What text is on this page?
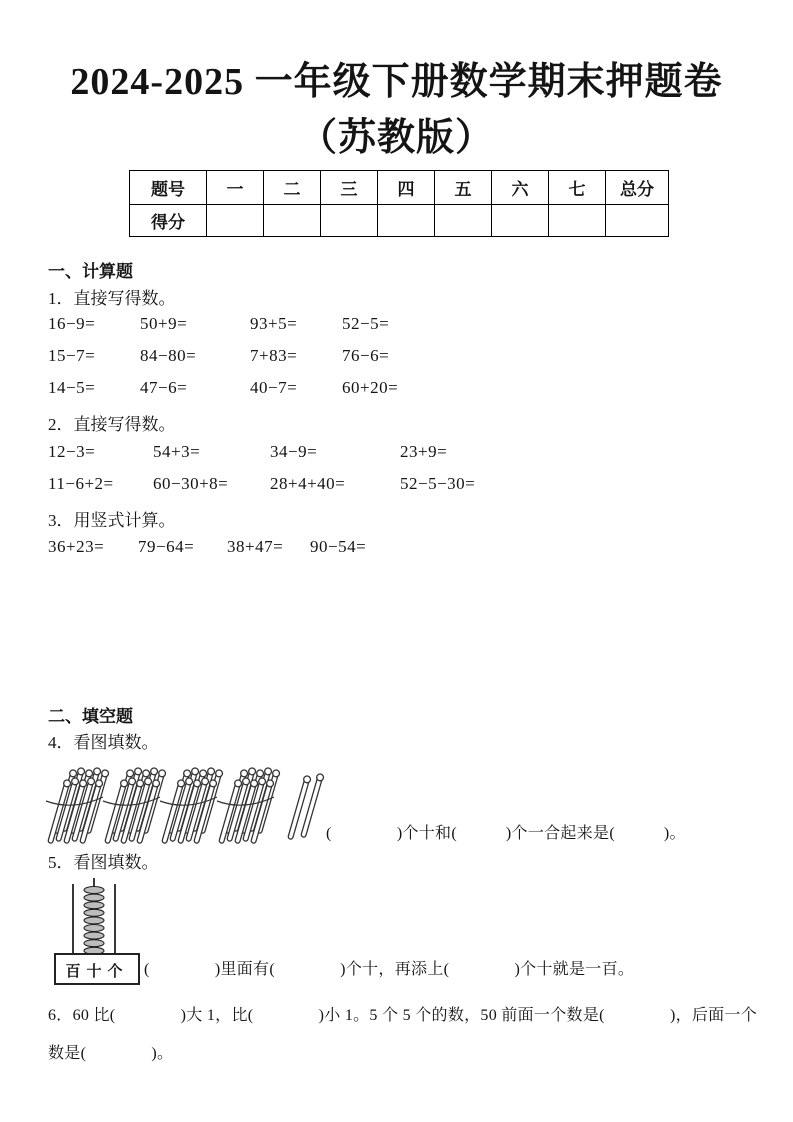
2024-2025 一年级下册数学期末押题卷
（苏教版）
题号	一	二	三	四	五	六	七	总分
得分								
一、计算题
1．直接写得数。
16−9=	50+9=	93+5=	52−5=
15−7=	84−80=	7+83=	76−6=
14−5=	47−6=	40−7=	60+20=
2．直接写得数。
12−3=	54+3=	34−9=	23+9=
11−6+2= 60−30+8= 28+4+40=	52−5−30=
3．用竖式计算。
36+23= 79−64= 38+47= 90−54=
二、填空题
4．看图填数。
(　　　　)个十和(　　　)个一合起来是(　　　)。
5．看图填数。
百 十 个 (　　　　)里面有(　　　　)个十，再添上(　　　　)个十就是一百。
6．60 比(　　　　)大 1，比(　　　　)小 1。5 个 5 个的数，50 前面一个数是(　　　　)，后面一个
数是(　　　　)。
